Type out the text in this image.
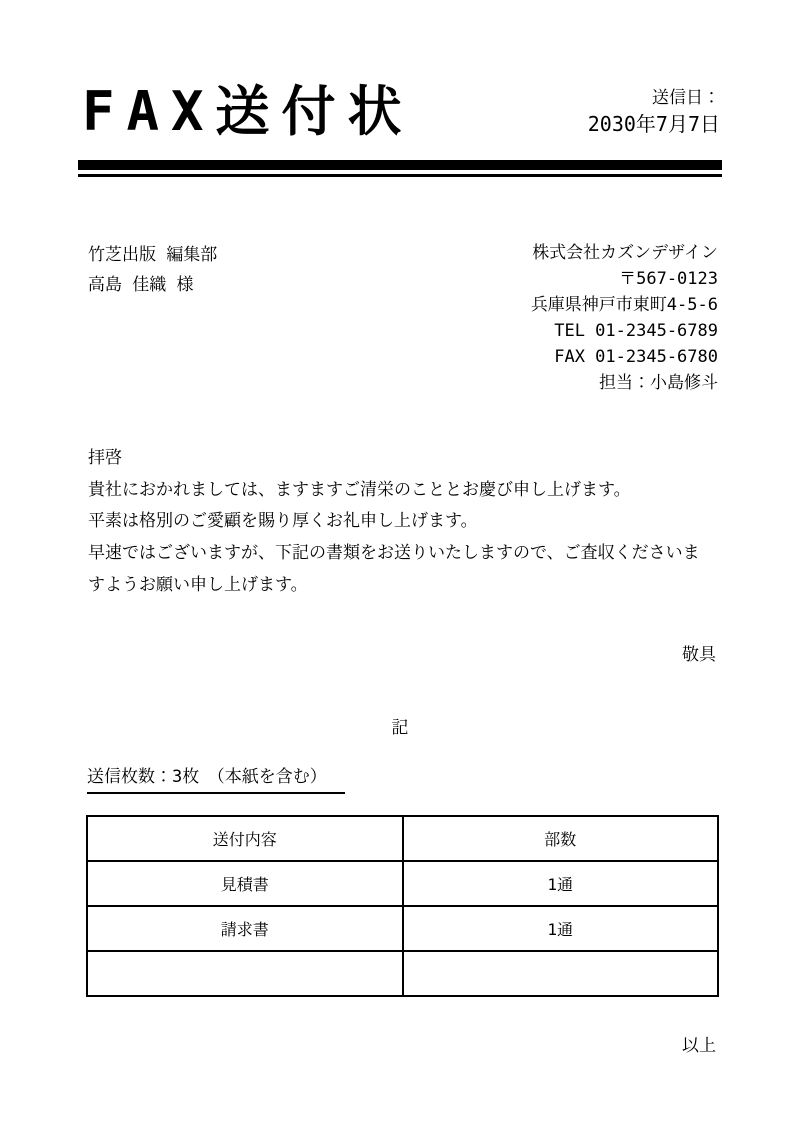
FAX送付状	送信日：
2030年7月7日
竹芝出版 編集部
高島 佳織 様
株式会社カズンデザイン
〒567-0123
兵庫県神戸市東町4-5-6
TEL 01-2345-6789
FAX 01-2345-6780
担当：小島修斗
拝啓
貴社におかれましては、ますますご清栄のこととお慶び申し上げます。
平素は格別のご愛顧を賜り厚くお礼申し上げます。
早速ではございますが、下記の書類をお送りいたしますので、ご査収くださいま
すようお願い申し上げます。
敬具
記
送信枚数：3枚　（本紙を含む）
送付内容	部数
見積書	1通
請求書	1通

以上
